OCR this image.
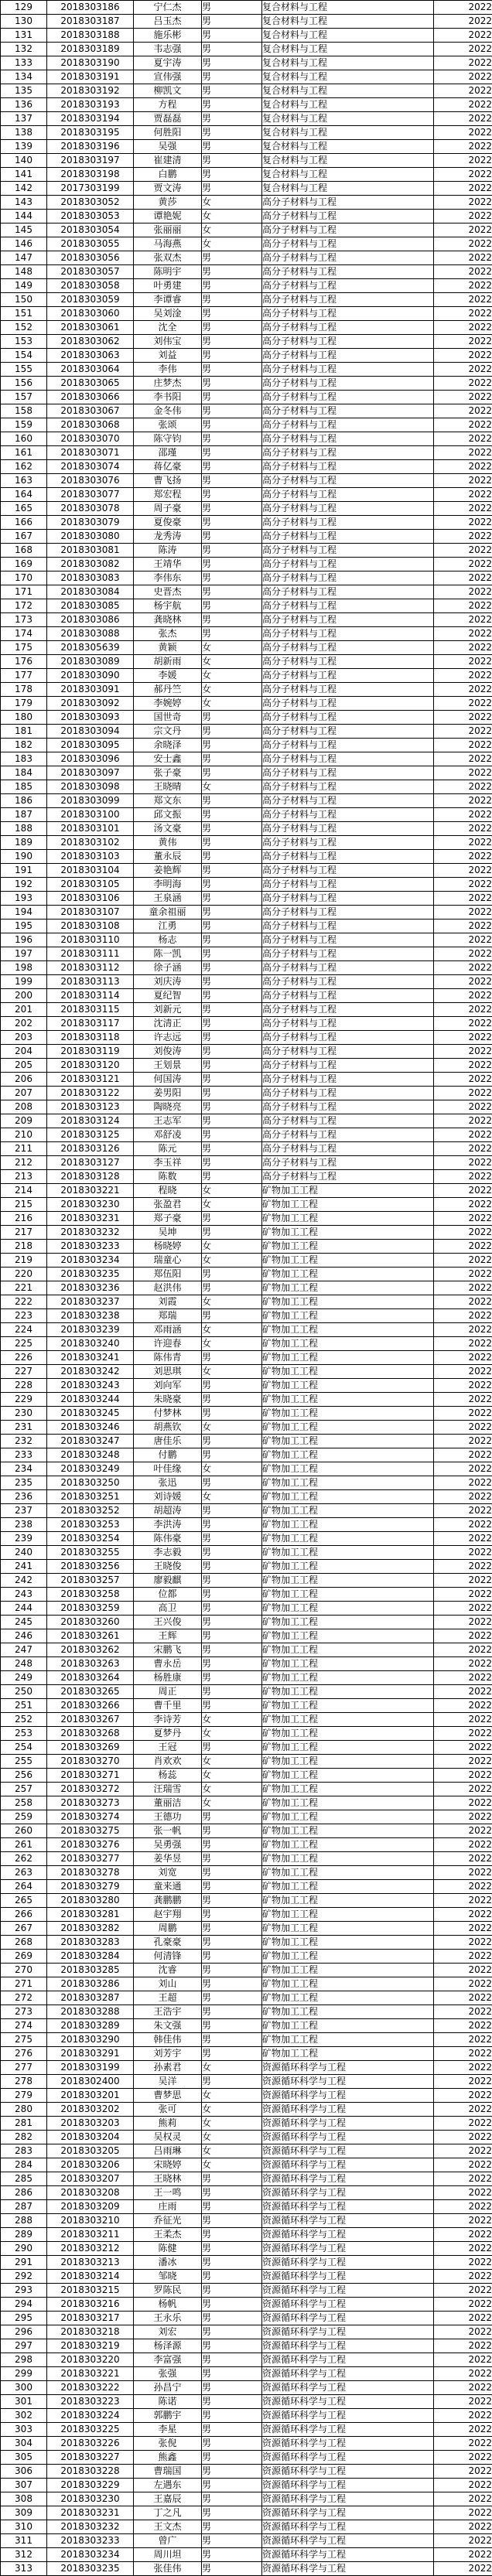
129	2018303186	宁仁杰	男	复合材料与工程	2022
130	2018303187	吕玉杰	男	复合材料与工程	2022
131	2018303188	施乐彬	男	复合材料与工程	2022
132	2018303189	韦志强	男	复合材料与工程	2022
133	2018303190	夏宇涛	男	复合材料与工程	2022
134	2018303191	宣伟强	男	复合材料与工程	2022
135	2018303192	柳凯文	男	复合材料与工程	2022
136	2018303193	方程	男	复合材料与工程	2022
137	2018303194	贾磊磊	男	复合材料与工程	2022
138	2018303195	何胜阳	男	复合材料与工程	2022
139	2018303196	吴强	男	复合材料与工程	2022
140	2018303197	崔建清	男	复合材料与工程	2022
141	2018303198	白鹏	男	复合材料与工程	2022
142	2017303199	贾文涛	男	复合材料与工程	2022
143	2018303052	黄莎	女	高分子材料与工程	2022
144	2018303053	谭艳妮	女	高分子材料与工程	2022
145	2018303054	张丽丽	女	高分子材料与工程	2022
146	2018303055	马海燕	女	高分子材料与工程	2022
147	2018303056	张双杰	男	高分子材料与工程	2022
148	2018303057	陈明宇	男	高分子材料与工程	2022
149	2018303058	叶勇建	男	高分子材料与工程	2022
150	2018303059	李谭睿	男	高分子材料与工程	2022
151	2018303060	吴刘淦	男	高分子材料与工程	2022
152	2018303061	沈全	男	高分子材料与工程	2022
153	2018303062	刘伟宝	男	高分子材料与工程	2022
154	2018303063	刘益	男	高分子材料与工程	2022
155	2018303064	李伟	男	高分子材料与工程	2022
156	2018303065	庄梦杰	男	高分子材料与工程	2022
157	2018303066	李书阳	男	高分子材料与工程	2022
158	2018303067	金冬伟	男	高分子材料与工程	2022
159	2018303068	张颂	男	高分子材料与工程	2022
160	2018303070	陈守钧	男	高分子材料与工程	2022
161	2018303071	邵瑾	男	高分子材料与工程	2022
162	2018303074	蒋亿豪	男	高分子材料与工程	2022
163	2018303076	曹飞扬	男	高分子材料与工程	2022
164	2018303077	郑宏程	男	高分子材料与工程	2022
165	2018303078	周子豪	男	高分子材料与工程	2022
166	2018303079	夏俊豪	男	高分子材料与工程	2022
167	2018303080	龙秀涛	男	高分子材料与工程	2022
168	2018303081	陈涛	男	高分子材料与工程	2022
169	2018303082	王靖华	男	高分子材料与工程	2022
170	2018303083	李伟东	男	高分子材料与工程	2022
171	2018303084	史晋杰	男	高分子材料与工程	2022
172	2018303085	杨宇航	男	高分子材料与工程	2022
173	2018303086	龚晓林	男	高分子材料与工程	2022
174	2018303088	张杰	男	高分子材料与工程	2022
175	2018305639	黄颖	女	高分子材料与工程	2022
176	2018303089	胡新雨	女	高分子材料与工程	2022
177	2018303090	李媛	女	高分子材料与工程	2022
178	2018303091	郝丹竺	女	高分子材料与工程	2022
179	2018303092	李婉婷	女	高分子材料与工程	2022
180	2018303093	国世奇	男	高分子材料与工程	2022
181	2018303094	宗文丹	男	高分子材料与工程	2022
182	2018303095	余晓泽	男	高分子材料与工程	2022
183	2018303096	安士鑫	男	高分子材料与工程	2022
184	2018303097	张子豪	男	高分子材料与工程	2022
185	2018303098	王晓晴	女	高分子材料与工程	2022
186	2018303099	郑文东	男	高分子材料与工程	2022
187	2018303100	邱文振	男	高分子材料与工程	2022
188	2018303101	汤文豪	男	高分子材料与工程	2022
189	2018303102	黄伟	男	高分子材料与工程	2022
190	2018303103	董永辰	男	高分子材料与工程	2022
191	2018303104	姜艳辉	男	高分子材料与工程	2022
192	2018303105	李明海	男	高分子材料与工程	2022
193	2018303106	王泉涵	男	高分子材料与工程	2022
194	2018303107	童余祖丽	男	高分子材料与工程	2022
195	2018303108	江勇	男	高分子材料与工程	2022
196	2018303110	杨志	男	高分子材料与工程	2022
197	2018303111	陈一凯	男	高分子材料与工程	2022
198	2018303112	徐子涵	男	高分子材料与工程	2022
199	2018303113	刘庆涛	男	高分子材料与工程	2022
200	2018303114	夏纪智	男	高分子材料与工程	2022
201	2018303115	刘新元	男	高分子材料与工程	2022
202	2018303117	沈清正	男	高分子材料与工程	2022
203	2018303118	许志远	男	高分子材料与工程	2022
204	2018303119	刘俊涛	男	高分子材料与工程	2022
205	2018303120	王划景	男	高分子材料与工程	2022
206	2018303121	何国涛	男	高分子材料与工程	2022
207	2018303122	姜男阳	男	高分子材料与工程	2022
208	2018303123	陶晓亮	男	高分子材料与工程	2022
209	2018303124	王志军	男	高分子材料与工程	2022
210	2018303125	邓舒凌	男	高分子材料与工程	2022
211	2018303126	陈元	男	高分子材料与工程	2022
212	2018303127	李玉祥	男	高分子材料与工程	2022
213	2018303128	陈数	男	高分子材料与工程	2022
214	2018303221	程晓	女	矿物加工工程	2022
215	2018303230	张盈君	女	矿物加工工程	2022
216	2018303231	郑子豪	男	矿物加工工程	2022
217	2018303232	吴坤	男	矿物加工工程	2022
218	2018303233	杨晓婷	女	矿物加工工程	2022
219	2018303234	瑞童心	女	矿物加工工程	2022
220	2018303235	郑伍阳	男	矿物加工工程	2022
221	2018303236	赵洪伟	男	矿物加工工程	2022
222	2018303237	刘霞	女	矿物加工工程	2022
223	2018303238	郑瑞	男	矿物加工工程	2022
224	2018303239	邓雨涵	女	矿物加工工程	2022
225	2018303240	许迎春	女	矿物加工工程	2022
226	2018303241	陈伟青	男	矿物加工工程	2022
227	2018303242	刘思琪	女	矿物加工工程	2022
228	2018303243	刘向军	男	矿物加工工程	2022
229	2018303244	朱晓豪	男	矿物加工工程	2022
230	2018303245	付梦林	男	矿物加工工程	2022
231	2018303246	胡燕钦	女	矿物加工工程	2022
232	2018303247	唐佳乐	男	矿物加工工程	2022
233	2018303248	付鹏	男	矿物加工工程	2022
234	2018303249	叶佳缘	女	矿物加工工程	2022
235	2018303250	张迅	男	矿物加工工程	2022
236	2018303251	刘诗媛	女	矿物加工工程	2022
237	2018303252	胡超涛	男	矿物加工工程	2022
238	2018303253	李洪涛	男	矿物加工工程	2022
239	2018303254	陈伟豪	男	矿物加工工程	2022
240	2018303255	李志毅	男	矿物加工工程	2022
241	2018303256	王晓俊	男	矿物加工工程	2022
242	2018303257	廖毅麒	男	矿物加工工程	2022
243	2018303258	位都	男	矿物加工工程	2022
244	2018303259	高卫	男	矿物加工工程	2022
245	2018303260	王兴俊	男	矿物加工工程	2022
246	2018303261	王辉	男	矿物加工工程	2022
247	2018303262	宋鹏飞	男	矿物加工工程	2022
248	2018303263	曹永岳	男	矿物加工工程	2022
249	2018303264	杨胜康	男	矿物加工工程	2022
250	2018303265	周正	男	矿物加工工程	2022
251	2018303266	曹千里	男	矿物加工工程	2022
252	2018303267	李诗芳	女	矿物加工工程	2022
253	2018303268	夏梦丹	女	矿物加工工程	2022
254	2018303269	王冠	男	矿物加工工程	2022
255	2018303270	肖欢欢	女	矿物加工工程	2022
256	2018303271	杨蕊	女	矿物加工工程	2022
257	2018303272	汪瑞雪	女	矿物加工工程	2022
258	2018303273	董丽洁	女	矿物加工工程	2022
259	2018303274	王德功	男	矿物加工工程	2022
260	2018303275	张一帆	男	矿物加工工程	2022
261	2018303276	吴勇强	男	矿物加工工程	2022
262	2018303277	姜华昱	男	矿物加工工程	2022
263	2018303278	刘宽	男	矿物加工工程	2022
264	2018303279	童来通	男	矿物加工工程	2022
265	2018303280	龚鹏鹏	男	矿物加工工程	2022
266	2018303281	赵宇翔	男	矿物加工工程	2022
267	2018303282	周鹏	男	矿物加工工程	2022
268	2018303283	孔豪豪	男	矿物加工工程	2022
269	2018303284	何清锋	男	矿物加工工程	2022
270	2018303285	沈睿	男	矿物加工工程	2022
271	2018303286	刘山	男	矿物加工工程	2022
272	2018303287	王超	男	矿物加工工程	2022
273	2018303288	王浩宇	男	矿物加工工程	2022
274	2018303289	朱文强	男	矿物加工工程	2022
275	2018303290	韩佳伟	男	矿物加工工程	2022
276	2018303291	刘芳宇	男	矿物加工工程	2022
277	2018303199	孙素君	女	资源循环科学与工程	2022
278	2018302400	吴洋	男	资源循环科学与工程	2022
279	2018303201	曹梦思	女	资源循环科学与工程	2022
280	2018303202	张可	女	资源循环科学与工程	2022
281	2018303203	熊莉	女	资源循环科学与工程	2022
282	2018303204	吴权灵	女	资源循环科学与工程	2022
283	2018303205	吕雨琳	女	资源循环科学与工程	2022
284	2018303206	宋晓婷	女	资源循环科学与工程	2022
285	2018303207	王晓林	男	资源循环科学与工程	2022
286	2018303208	王一鸣	男	资源循环科学与工程	2022
287	2018303209	庄雨	男	资源循环科学与工程	2022
288	2018303210	乔征光	男	资源循环科学与工程	2022
289	2018303211	王柔杰	男	资源循环科学与工程	2022
290	2018303212	陈健	男	资源循环科学与工程	2022
291	2018303213	潘冰	男	资源循环科学与工程	2022
292	2018303214	邹晓	男	资源循环科学与工程	2022
293	2018303215	罗陈民	男	资源循环科学与工程	2022
294	2018303216	杨帆	男	资源循环科学与工程	2022
295	2018303217	王永乐	男	资源循环科学与工程	2022
296	2018303218	刘宏	男	资源循环科学与工程	2022
297	2018303219	杨泽源	男	资源循环科学与工程	2022
298	2018303220	李富强	男	资源循环科学与工程	2022
299	2018303221	张强	男	资源循环科学与工程	2022
300	2018303222	孙昌宁	男	资源循环科学与工程	2022
301	2018303223	陈诺	男	资源循环科学与工程	2022
302	2018303224	郭鹏宇	男	资源循环科学与工程	2022
303	2018303225	李星	男	资源循环科学与工程	2022
304	2018303226	张倪	男	资源循环科学与工程	2022
305	2018303227	熊鑫	男	资源循环科学与工程	2022
306	2018303228	曹瑞国	男	资源循环科学与工程	2022
307	2018303229	左遇东	男	资源循环科学与工程	2022
308	2018303230	王嘉辰	男	资源循环科学与工程	2022
309	2018303231	丁之凡	男	资源循环科学与工程	2022
310	2018303232	王文杰	男	资源循环科学与工程	2022
311	2018303233	曾广	男	资源循环科学与工程	2022
312	2018303234	周川坦	男	资源循环科学与工程	2022
313	2018303235	张佳伟	男	资源循环科学与工程	2022
